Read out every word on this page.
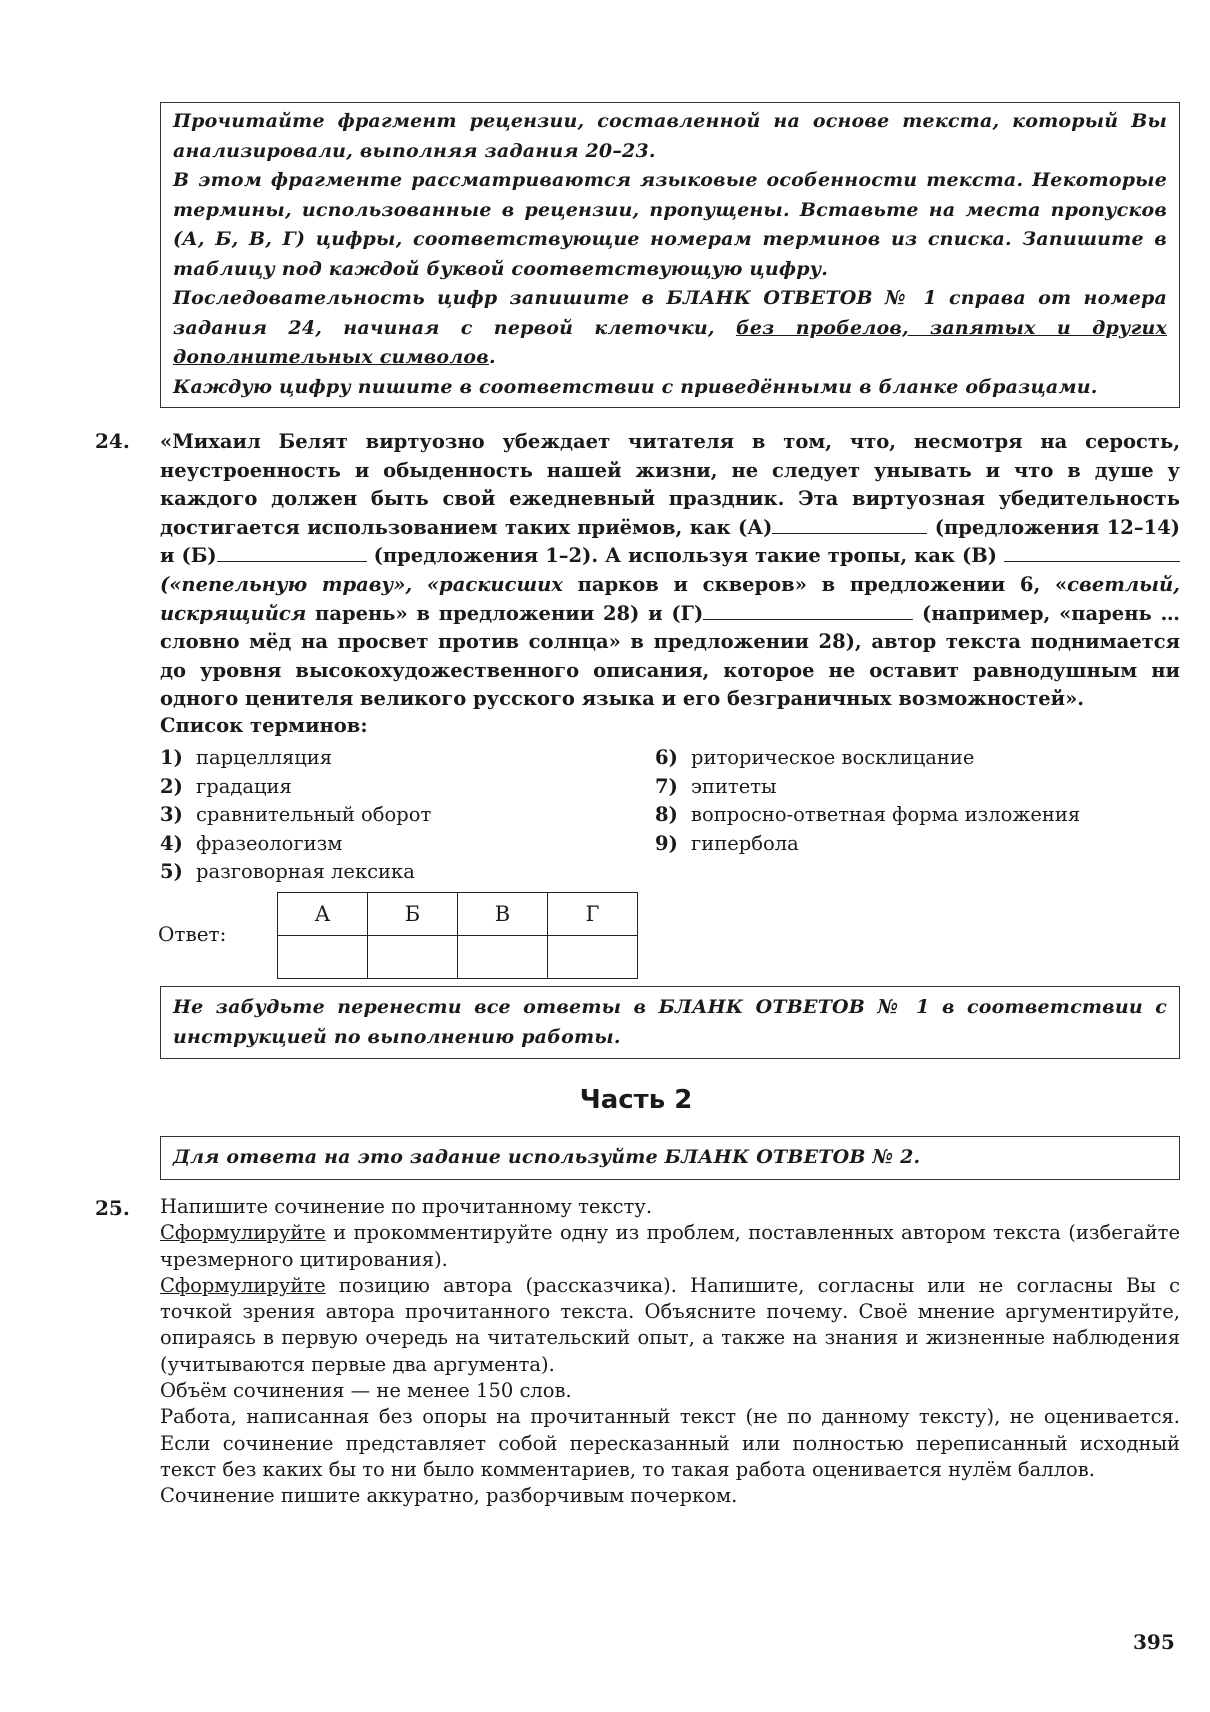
Прочитайте фрагмент рецензии, составленной на основе текста, который Вы анализировали, выполняя задания 20–23.

В этом фрагменте рассматриваются языковые особенности текста. Некоторые термины, использованные в рецензии, пропущены. Вставьте на места пропусков (А, Б, В, Г) цифры, соответствующие номерам терминов из списка. Запишите в таблицу под каждой буквой соответствующую цифру.

Последовательность цифр запишите в БЛАНК ОТВЕТОВ № 1 справа от номера задания 24, начиная с первой клеточки, без пробелов, запятых и других дополнительных символов.

Каждую цифру пишите в соответствии с приведёнными в бланке образцами.

24. «Михаил Белят виртуозно убеждает читателя в том, что, несмотря на серость, неустроенность и обыденность нашей жизни, не следует унывать и что в душе у каждого должен быть свой ежедневный праздник. Эта виртуозная убедительность достигается использованием таких приёмов, как (А)	(предложения 12–14) и (Б)	(предложения 1–2). А используя такие тропы, как (В) («пепельную траву», «раскисших парков и скверов» в предложении 6, «светлый, искрящийся парень» в предложении 28) и (Г)	(например, «парень … словно мёд на просвет против солнца» в предложении 28), автор текста поднимается до уровня высокохудожественного описания, которое не оставит равнодушным ни одного ценителя великого русского языка и его безграничных возможностей».
Список терминов:
1) парцелляция
2) градация
3) сравнительный оборот
4) фразеологизм
5) разговорная лексика
6) риторическое восклицание
7) эпитеты
8) вопросно-ответная форма изложения
9) гипербола
Ответ:
А	Б	В	Г

Не забудьте перенести все ответы в БЛАНК ОТВЕТОВ № 1 в соответствии с инструкцией по выполнению работы.
Часть 2
Для ответа на это задание используйте БЛАНК ОТВЕТОВ № 2.
25. Напишите сочинение по прочитанному тексту.

Сформулируйте и прокомментируйте одну из проблем, поставленных автором текста (избегайте чрезмерного цитирования).

Сформулируйте позицию автора (рассказчика). Напишите, согласны или не согласны Вы с точкой зрения автора прочитанного текста. Объясните почему. Своё мнение аргументируйте, опираясь в первую очередь на читательский опыт, а также на знания и жизненные наблюдения (учитываются первые два аргумента).

Объём сочинения — не менее 150 слов.

Работа, написанная без опоры на прочитанный текст (не по данному тексту), не оценивается. Если сочинение представляет собой пересказанный или полностью переписанный исходный текст без каких бы то ни было комментариев, то такая работа оценивается нулём баллов.

Сочинение пишите аккуратно, разборчивым почерком.

395
